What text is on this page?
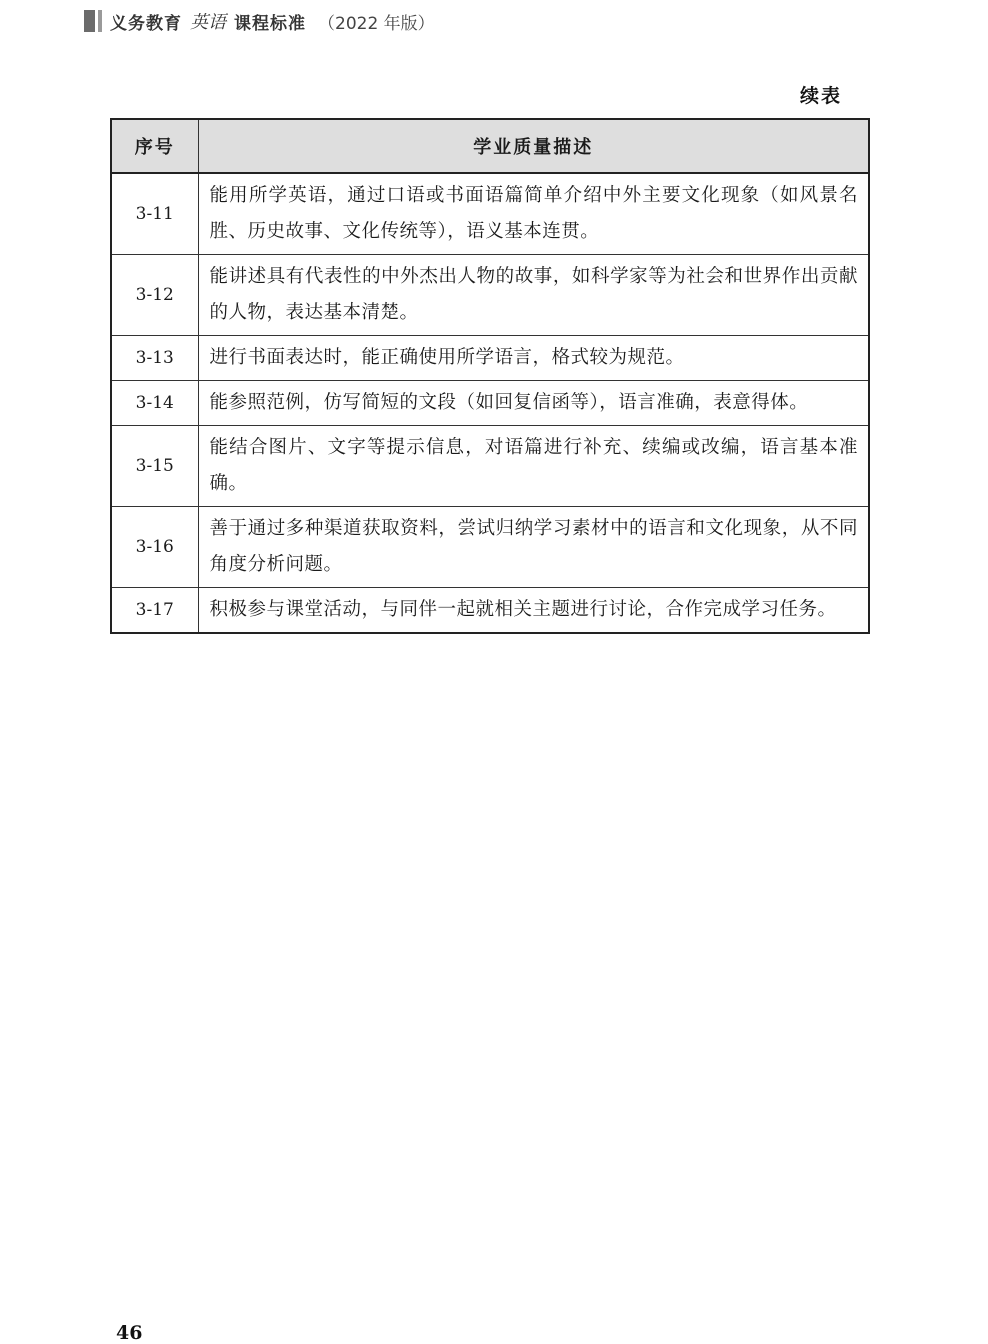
义务教育 英语 课程标准 （2022 年版）
续表
序号	学业质量描述
3-11	能用所学英语，通过口语或书面语篇简单介绍中外主要文化现象（如风景名胜、历史故事、文化传统等），语义基本连贯。
3-12	能讲述具有代表性的中外杰出人物的故事，如科学家等为社会和世界作出贡献的人物，表达基本清楚。
3-13	进行书面表达时，能正确使用所学语言，格式较为规范。
3-14	能参照范例，仿写简短的文段（如回复信函等），语言准确，表意得体。
3-15	能结合图片、文字等提示信息，对语篇进行补充、续编或改编，语言基本准确。
3-16	善于通过多种渠道获取资料，尝试归纳学习素材中的语言和文化现象，从不同角度分析问题。
3-17	积极参与课堂活动，与同伴一起就相关主题进行讨论，合作完成学习任务。
46
